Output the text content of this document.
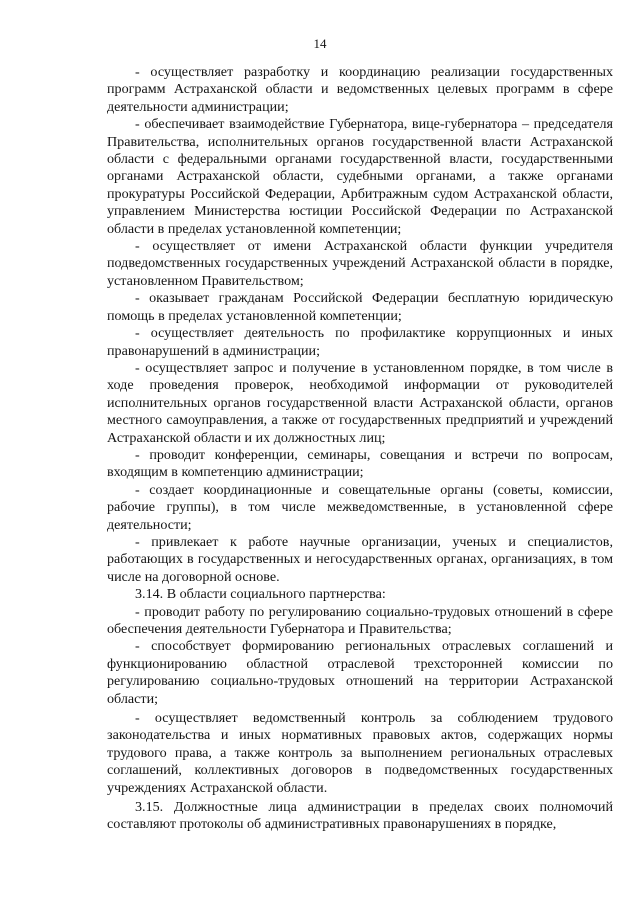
14

- осуществляет разработку и координацию реализации государственных программ Астраханской области и ведомственных целевых программ в сфере деятельности администрации;

- обеспечивает взаимодействие Губернатора, вице-губернатора – председателя Правительства, исполнительных органов государственной власти Астраханской области с федеральными органами государственной власти, государственными органами Астраханской области, судебными органами, а также органами прокуратуры Российской Федерации, Арбитражным судом Астраханской области, управлением Министерства юстиции Российской Федерации по Астраханской области в пределах установленной компетенции;

- осуществляет от имени Астраханской области функции учредителя подведомственных государственных учреждений Астраханской области в порядке, установленном Правительством;

- оказывает гражданам Российской Федерации бесплатную юридическую помощь в пределах установленной компетенции;

- осуществляет деятельность по профилактике коррупционных и иных правонарушений в администрации;

- осуществляет запрос и получение в установленном порядке, в том числе в ходе проведения проверок, необходимой информации от руководителей исполнительных органов государственной власти Астраханской области, органов местного самоуправления, а также от государственных предприятий и учреждений Астраханской области и их должностных лиц;

- проводит конференции, семинары, совещания и встречи по вопросам, входящим в компетенцию администрации;

- создает координационные и совещательные органы (советы, комиссии, рабочие группы), в том числе межведомственные, в установленной сфере деятельности;

- привлекает к работе научные организации, ученых и специалистов, работающих в государственных и негосударственных органах, организациях, в том числе на договорной основе.

3.14. В области социального партнерства:

- проводит работу по регулированию социально-трудовых отношений в сфере обеспечения деятельности Губернатора и Правительства;

- способствует формированию региональных отраслевых соглашений и функционированию областной отраслевой трехсторонней комиссии по регулированию социально-трудовых отношений на территории Астраханской области;

- осуществляет ведомственный контроль за соблюдением трудового законодательства и иных нормативных правовых актов, содержащих нормы трудового права, а также контроль за выполнением региональных отраслевых соглашений, коллективных договоров в подведомственных государственных учреждениях Астраханской области.

3.15. Должностные лица администрации в пределах своих полномочий составляют протоколы об административных правонарушениях в порядке,
